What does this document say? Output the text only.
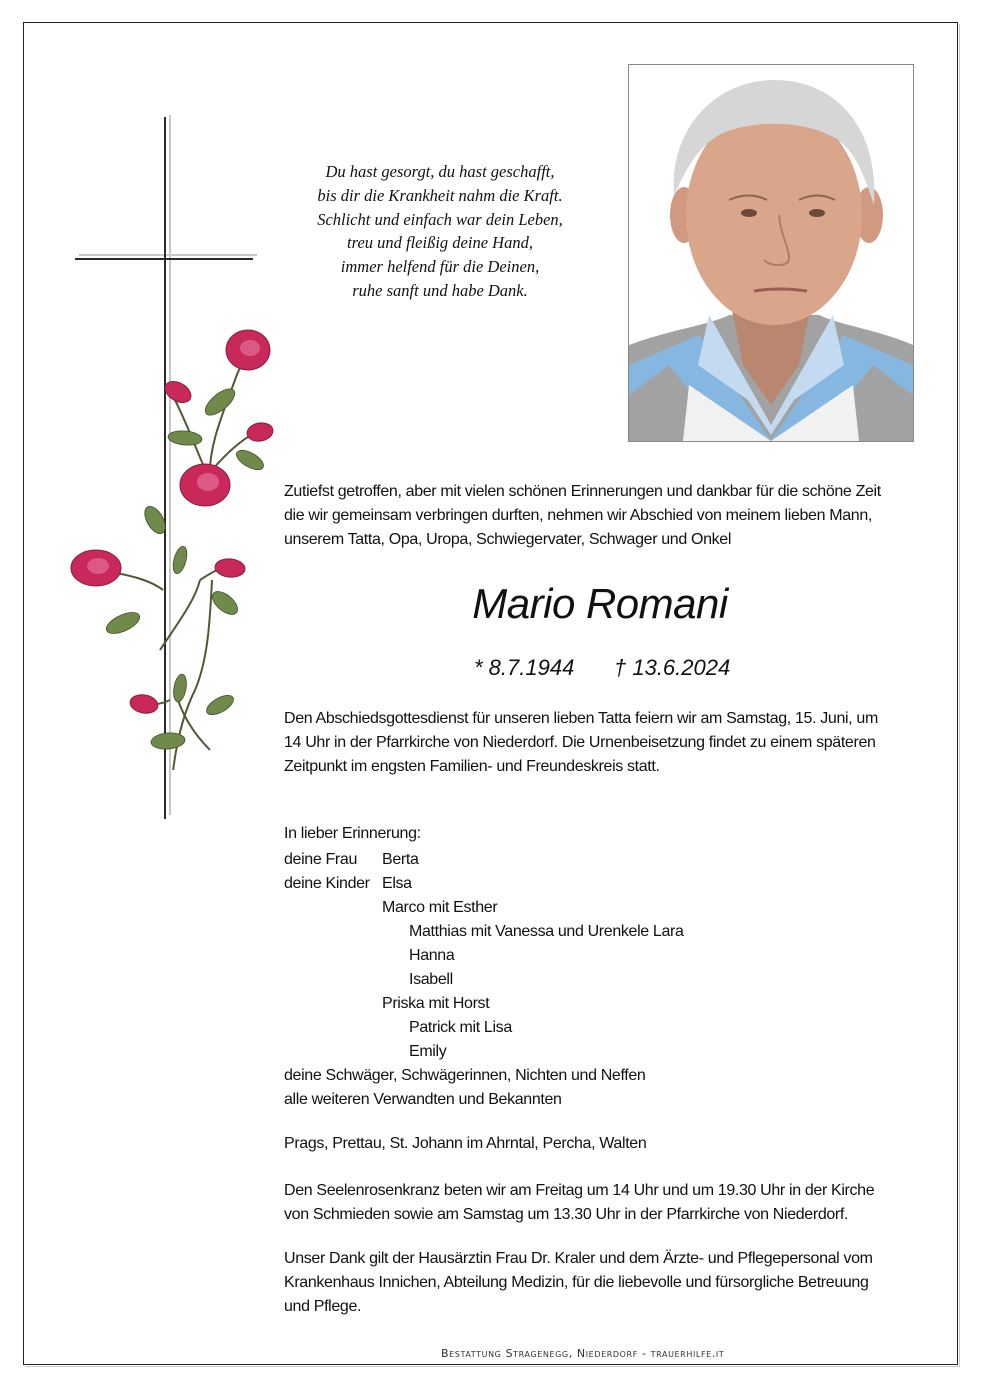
Du hast gesorgt, du hast geschafft,
bis dir die Krankheit nahm die Kraft.
Schlicht und einfach war dein Leben,
treu und fleißig deine Hand,
immer helfend für die Deinen,
ruhe sanft und habe Dank.
Zutiefst getroffen, aber mit vielen schönen Erinnerungen und dankbar für die schöne Zeit
die wir gemeinsam verbringen durften, nehmen wir Abschied von meinem lieben Mann,
unserem Tatta, Opa, Uropa, Schwiegervater, Schwager und Onkel
Mario Romani
* 8.7.1944 † 13.6.2024
Den Abschiedsgottesdienst für unseren lieben Tatta feiern wir am Samstag, 15. Juni, um
14 Uhr in der Pfarrkirche von Niederdorf. Die Urnenbeisetzung findet zu einem späteren
Zeitpunkt im engsten Familien- und Freundeskreis statt.
In lieber Erinnerung:
deine Frau Berta
deine Kinder Elsa
Marco mit Esther
Matthias mit Vanessa und Urenkele Lara
Hanna
Isabell
Priska mit Horst
Patrick mit Lisa
Emily
deine Schwäger, Schwägerinnen, Nichten und Neffen
alle weiteren Verwandten und Bekannten
Prags, Prettau, St. Johann im Ahrntal, Percha, Walten
Den Seelenrosenkranz beten wir am Freitag um 14 Uhr und um 19.30 Uhr in der Kirche
von Schmieden sowie am Samstag um 13.30 Uhr in der Pfarrkirche von Niederdorf.
Unser Dank gilt der Hausärztin Frau Dr. Kraler und dem Ärzte- und Pflegepersonal vom
Krankenhaus Innichen, Abteilung Medizin, für die liebevolle und fürsorgliche Betreuung
und Pflege.
Bestattung Stragenegg, Niederdorf - trauerhilfe.it
